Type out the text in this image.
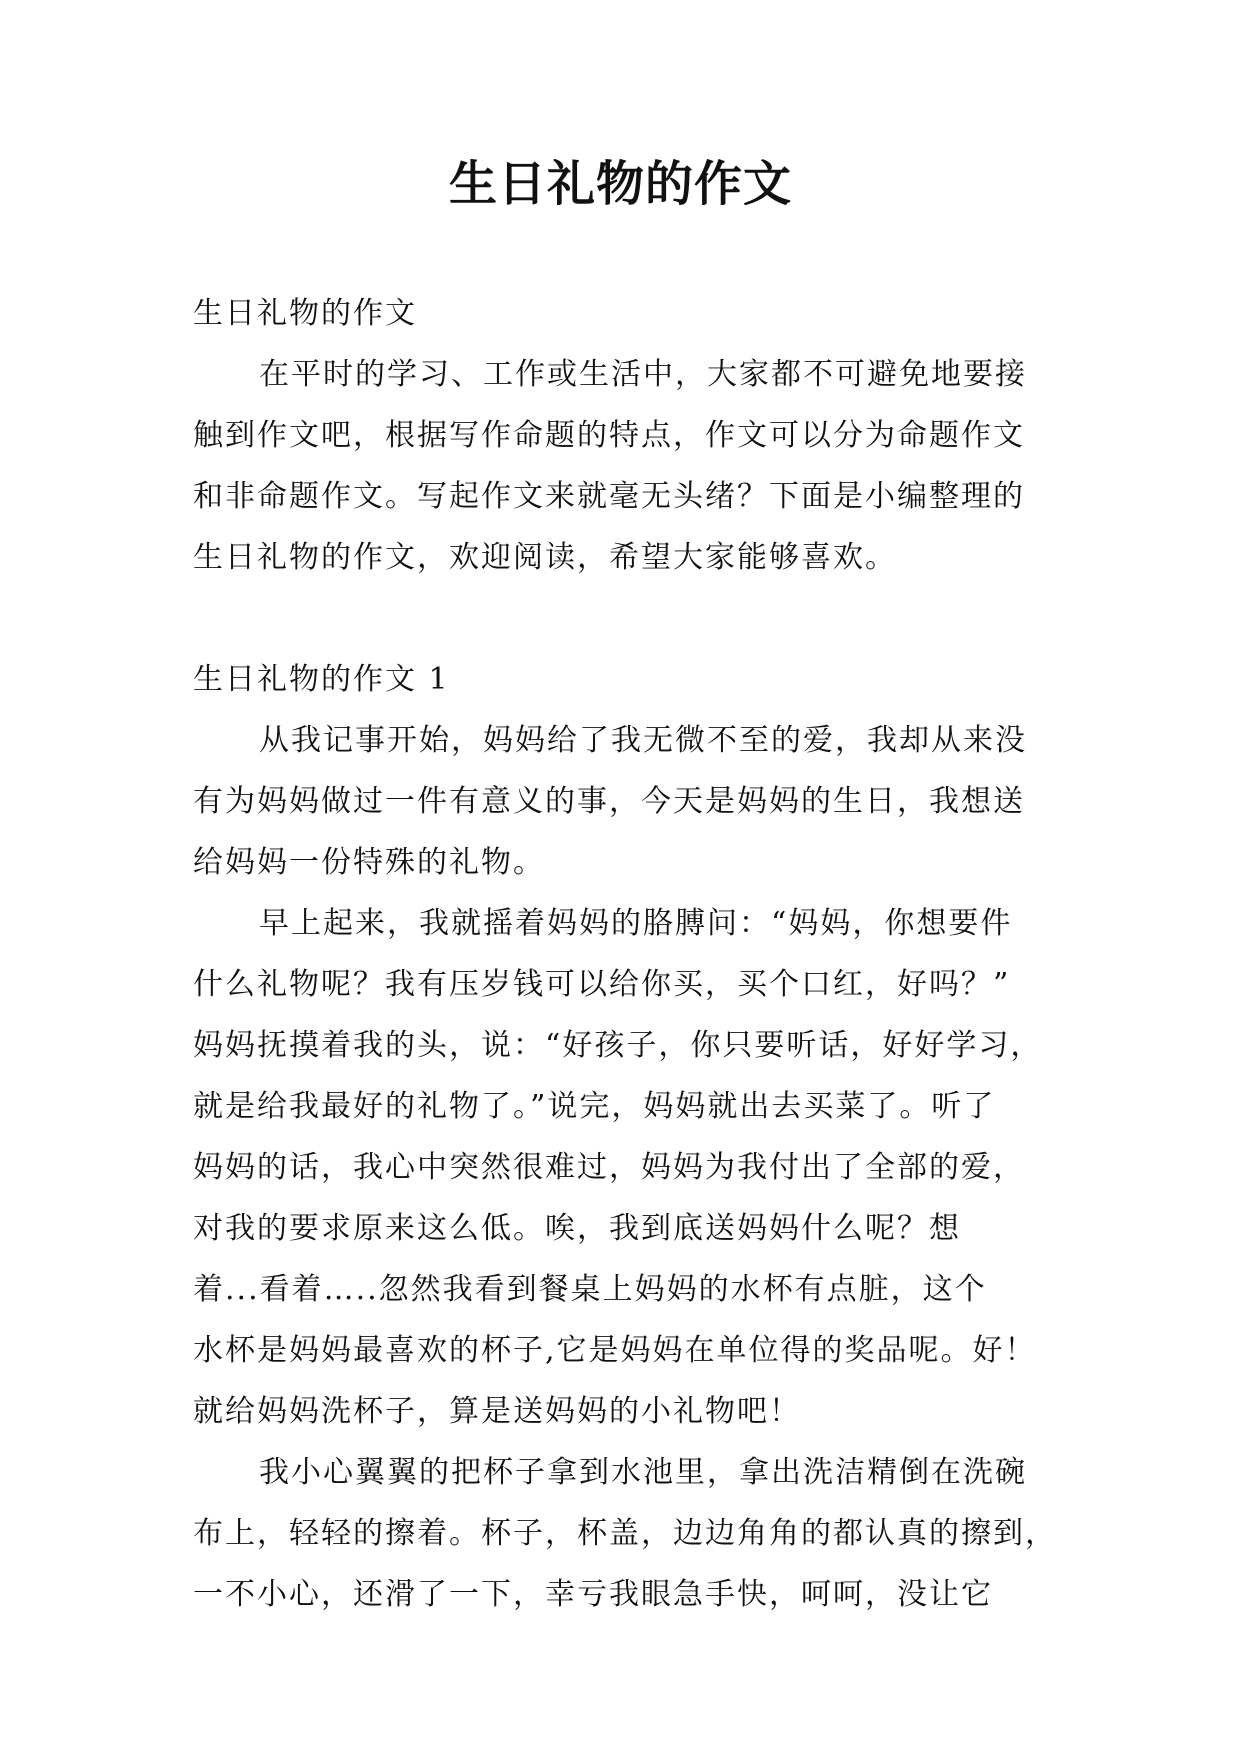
生日礼物的作文
生日礼物的作文
在平时的学习、工作或生活中，大家都不可避免地要接
触到作文吧，根据写作命题的特点，作文可以分为命题作文
和非命题作文。写起作文来就毫无头绪？下面是小编整理的
生日礼物的作文，欢迎阅读，希望大家能够喜欢。
生日礼物的作文 1
从我记事开始，妈妈给了我无微不至的爱，我却从来没
有为妈妈做过一件有意义的事，今天是妈妈的生日，我想送
给妈妈一份特殊的礼物。
早上起来，我就摇着妈妈的胳膊问：“妈妈，你想要件
什么礼物呢？我有压岁钱可以给你买，买个口红，好吗？”
妈妈抚摸着我的头，说：“好孩子，你只要听话，好好学习，
就是给我最好的礼物了。”说完，妈妈就出去买菜了。听了
妈妈的话，我心中突然很难过，妈妈为我付出了全部的爱，
对我的要求原来这么低。唉，我到底送妈妈什么呢？想
着...看着…..忽然我看到餐桌上妈妈的水杯有点脏，这个
水杯是妈妈最喜欢的杯子,它是妈妈在单位得的奖品呢。好！
就给妈妈洗杯子，算是送妈妈的小礼物吧！
我小心翼翼的把杯子拿到水池里，拿出洗洁精倒在洗碗
布上，轻轻的擦着。杯子，杯盖，边边角角的都认真的擦到，
一不小心，还滑了一下，幸亏我眼急手快，呵呵，没让它
